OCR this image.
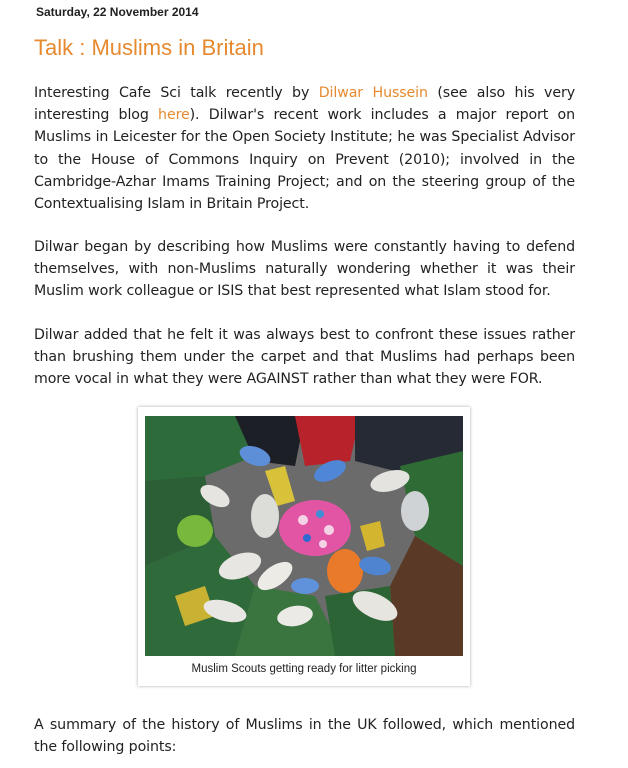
Saturday, 22 November 2014
Talk : Muslims in Britain

Interesting Cafe Sci talk recently by Dilwar Hussein (see also his very interesting blog here). Dilwar's recent work includes a major report on Muslims in Leicester for the Open Society Institute; he was Specialist Advisor to the House of Commons Inquiry on Prevent (2010); involved in the Cambridge-Azhar Imams Training Project; and on the steering group of the Contextualising Islam in Britain Project.

Dilwar began by describing how Muslims were constantly having to defend themselves, with non-Muslims naturally wondering whether it was their Muslim work colleague or ISIS that best represented what Islam stood for.

Dilwar added that he felt it was always best to confront these issues rather than brushing them under the carpet and that Muslims had perhaps been more vocal in what they were AGAINST rather than what they were FOR.

Muslim Scouts getting ready for litter picking

A summary of the history of Muslims in the UK followed, which mentioned the following points:
